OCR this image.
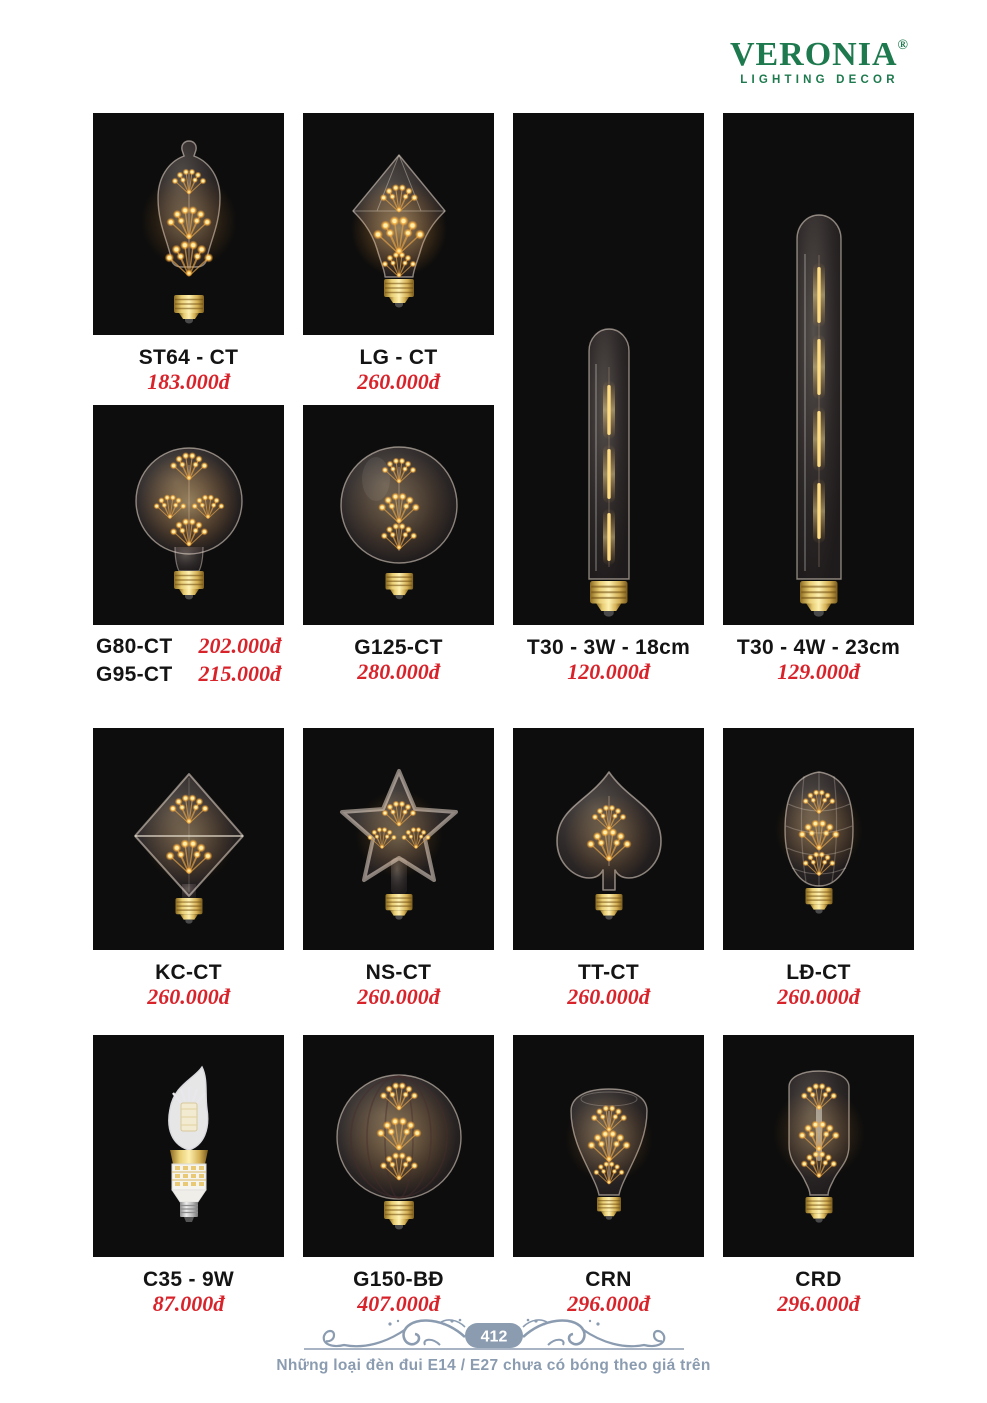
VERONIA®
LIGHTING DECOR
ST64 - CT
183.000đ
LG - CT
260.000đ
G80-CT 202.000đ
G95-CT 215.000đ
G125-CT
280.000đ
T30 - 3W - 18cm
120.000đ
T30 - 4W - 23cm
129.000đ
KC-CT
260.000đ
NS-CT
260.000đ
TT-CT
260.000đ
LĐ-CT
260.000đ
C35 - 9W
87.000đ
G150-BĐ
407.000đ
CRN
296.000đ
CRD
296.000đ
412
Những loại đèn đui E14 / E27 chưa có bóng theo giá trên
